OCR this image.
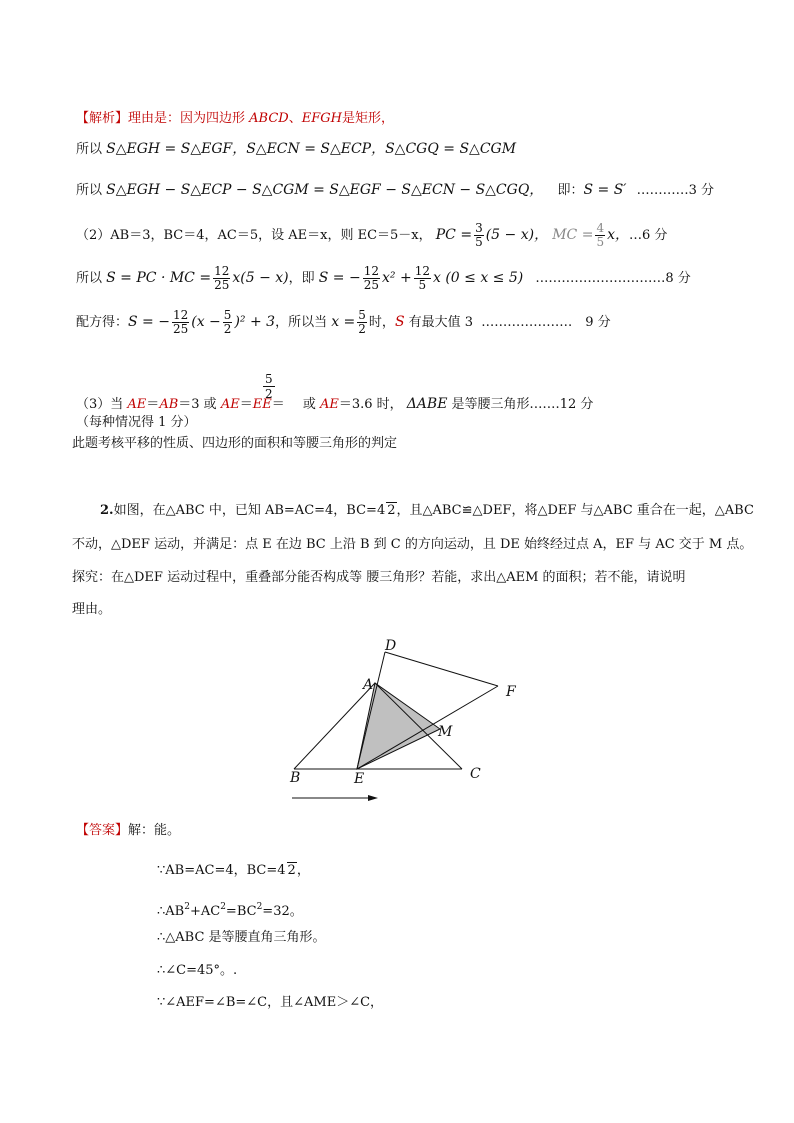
【解析】理由是：因为四边形 ABCD、EFGH是矩形，
所以 S△EGH = S△EGF，S△ECN = S△ECP，S△CGQ = S△CGM
所以 S△EGH − S△ECP − S△CGM = S△EGF − S△ECN − S△CGQ， 即：S = S′ …………3 分
（2）AB＝3，BC＝4，AC＝5，设 AE＝x，则 EC＝5－x， PC = $\frac{3}{5} (5 - x)$， MC = $\frac{4}{5}$ x，…6 分
所以 S = PC · MC = $\frac{12}{25} x(5 - x)$，即 S = − $\frac{12}{25} x^2 + \frac{12}{5}$ x (0 ≤ x ≤ 5) …………………………8 分
配方得：S = − $\frac{12}{25} (x - \frac{5}{2} )^2 + 3$，所以当 $x = \frac{5}{2}$ 时，S 有最大值 3 …………………　9 分
5
2
（3）当 AE＝AB＝3 或 AE＝EE＝ 或 AE＝3.6 时， ΔABE 是等腰三角形.……12 分
（每种情况得 1 分）
此题考核平移的性质、四边形的面积和等腰三角形的判定
2.如图，在△ABC 中，已知 AB=AC=4，BC=4 2，且△ABC≌△DEF，将△DEF 与△ABC 重合在一起，△ABC
不动，△DEF 运动，并满足：点 E 在边 BC 上沿 B 到 C 的方向运动，且 DE 始终经过点 A，EF 与 AC 交于 M 点。
探究：在△DEF 运动过程中，重叠部分能否构成等 腰三角形？若能，求出△AEM 的面积；若不能，请说明
理由。
D
A	F
M
B	E	C
【答案】解：能。
∵AB=AC=4，BC=4 2，
$\therefore AB^2+AC^2=BC^2=32$。
∴△ABC 是等腰直角三角形。
∴∠C=45°。.
∵∠AEF=∠B=∠C，且∠AME＞∠C，
